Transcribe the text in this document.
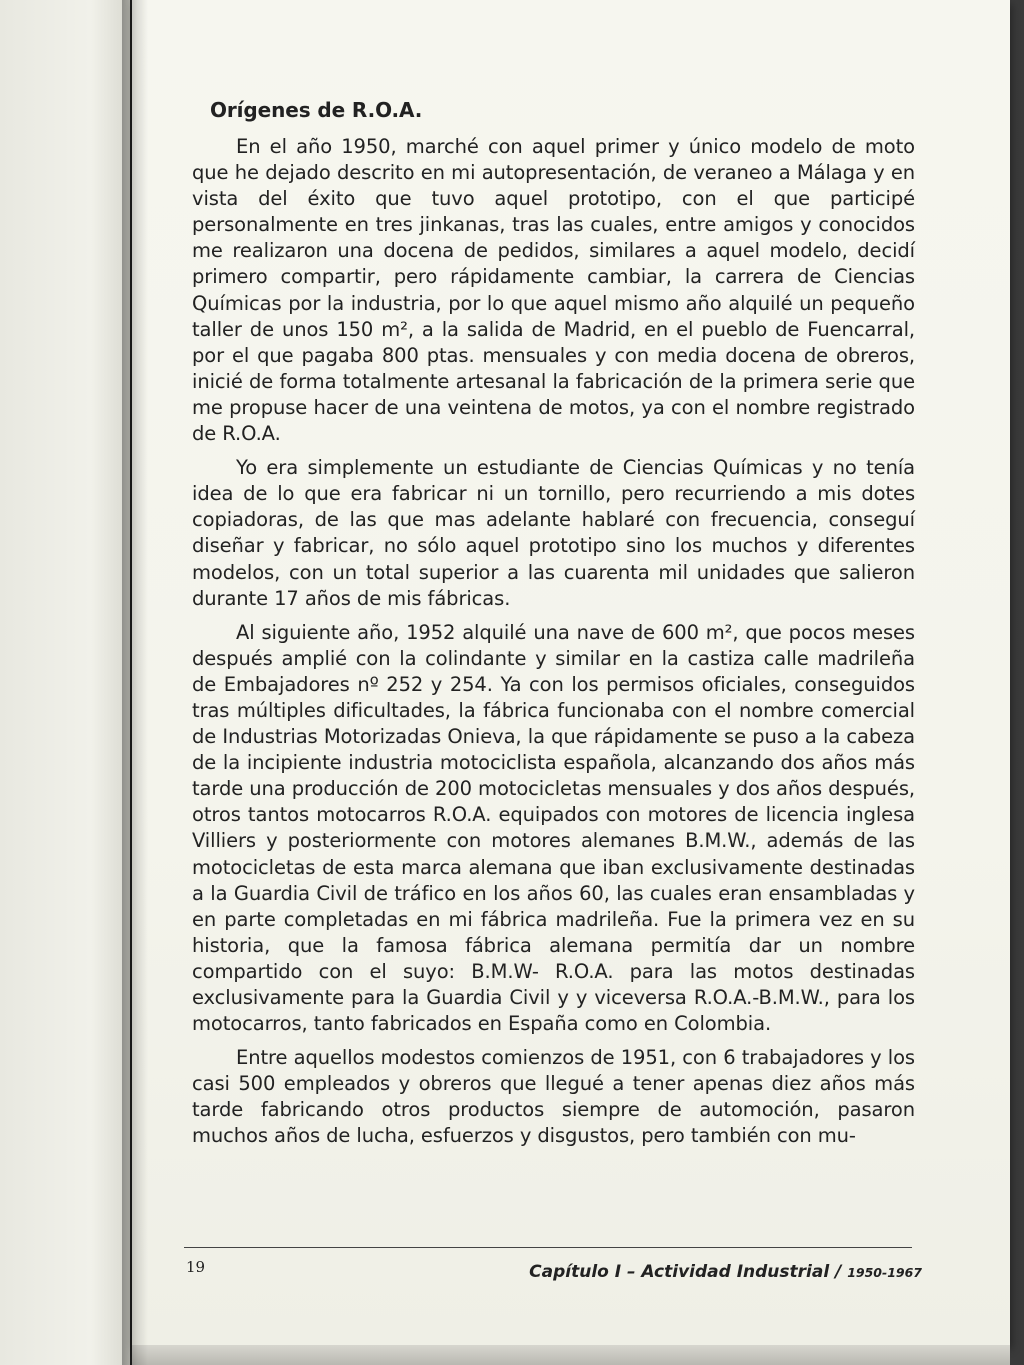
Orígenes de R.O.A.

En el año 1950, marché con aquel primer y único modelo de moto que he dejado descrito en mi autopresentación, de veraneo a Málaga y en vista del éxito que tuvo aquel prototipo, con el que participé personalmente en tres jinkanas, tras las cuales, entre amigos y conocidos me realizaron una docena de pedidos, similares a aquel modelo, decidí primero compartir, pero rápidamente cambiar, la carrera de Ciencias Químicas por la industria, por lo que aquel mismo año alquilé un pequeño taller de unos 150 m², a la salida de Madrid, en el pueblo de Fuencarral, por el que pagaba 800 ptas. mensuales y con media docena de obreros, inicié de forma totalmente artesanal la fabricación de la primera serie que me propuse hacer de una veintena de motos, ya con el nombre registrado de R.O.A.

Yo era simplemente un estudiante de Ciencias Químicas y no tenía idea de lo que era fabricar ni un tornillo, pero recurriendo a mis dotes copiadoras, de las que mas adelante hablaré con frecuencia, conseguí diseñar y fabricar, no sólo aquel prototipo sino los muchos y diferentes modelos, con un total superior a las cuarenta mil unidades que salieron durante 17 años de mis fábricas.

Al siguiente año, 1952 alquilé una nave de 600 m², que pocos meses después amplié con la colindante y similar en la castiza calle madrileña de Embajadores nº 252 y 254. Ya con los permisos oficiales, conseguidos tras múltiples dificultades, la fábrica funcionaba con el nombre comercial de Industrias Motorizadas Onieva, la que rápidamente se puso a la cabeza de la incipiente industria motociclista española, alcanzando dos años más tarde una producción de 200 motocicletas mensuales y dos años después, otros tantos motocarros R.O.A. equipados con motores de licencia inglesa Villiers y posteriormente con motores alemanes B.M.W., además de las motocicletas de esta marca alemana que iban exclusivamente destinadas a la Guardia Civil de tráfico en los años 60, las cuales eran ensambladas y en parte completadas en mi fábrica madrileña. Fue la primera vez en su historia, que la famosa fábrica alemana permitía dar un nombre compartido con el suyo: B.M.W- R.O.A. para las motos destinadas exclusivamente para la Guardia Civil y y viceversa R.O.A.-B.M.W., para los motocarros, tanto fabricados en España como en Colombia.

Entre aquellos modestos comienzos de 1951, con 6 trabajadores y los casi 500 empleados y obreros que llegué a tener apenas diez años más tarde fabricando otros productos siempre de automoción, pasaron muchos años de lucha, esfuerzos y disgustos, pero también con mu-

19	Capítulo I – Actividad Industrial / 1950-1967
